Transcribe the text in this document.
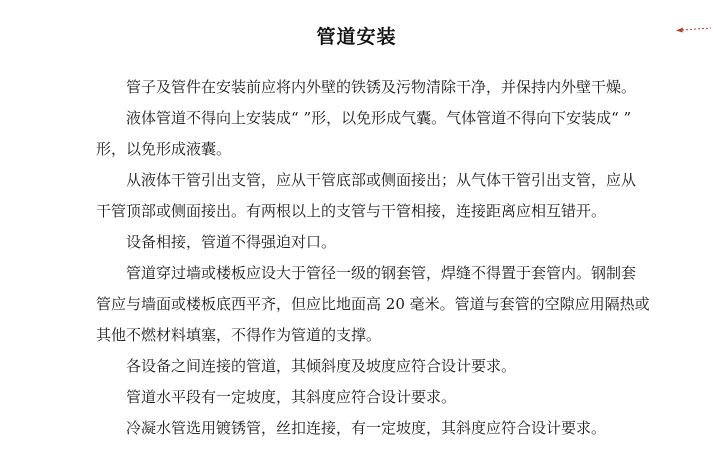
管道安装

管子及管件在安装前应将内外壁的铁锈及污物清除干净，并保持内外壁干燥。

液体管道不得向上安装成“ ”形，以免形成气囊。气体管道不得向下安装成“ ”
形，以免形成液囊。

从液体干管引出支管，应从干管底部或侧面接出；从气体干管引出支管，应从
干管顶部或侧面接出。有两根以上的支管与干管相接，连接距离应相互错开。

设备相接，管道不得强迫对口。

管道穿过墙或楼板应设大于管径一级的钢套管，焊缝不得置于套管内。钢制套
管应与墙面或楼板底西平齐，但应比地面高 20 毫米。管道与套管的空隙应用隔热或
其他不燃材料填塞，不得作为管道的支撑。

各设备之间连接的管道，其倾斜度及坡度应符合设计要求。

管道水平段有一定坡度，其斜度应符合设计要求。

冷凝水管选用镀锈管，丝扣连接，有一定坡度，其斜度应符合设计要求。
